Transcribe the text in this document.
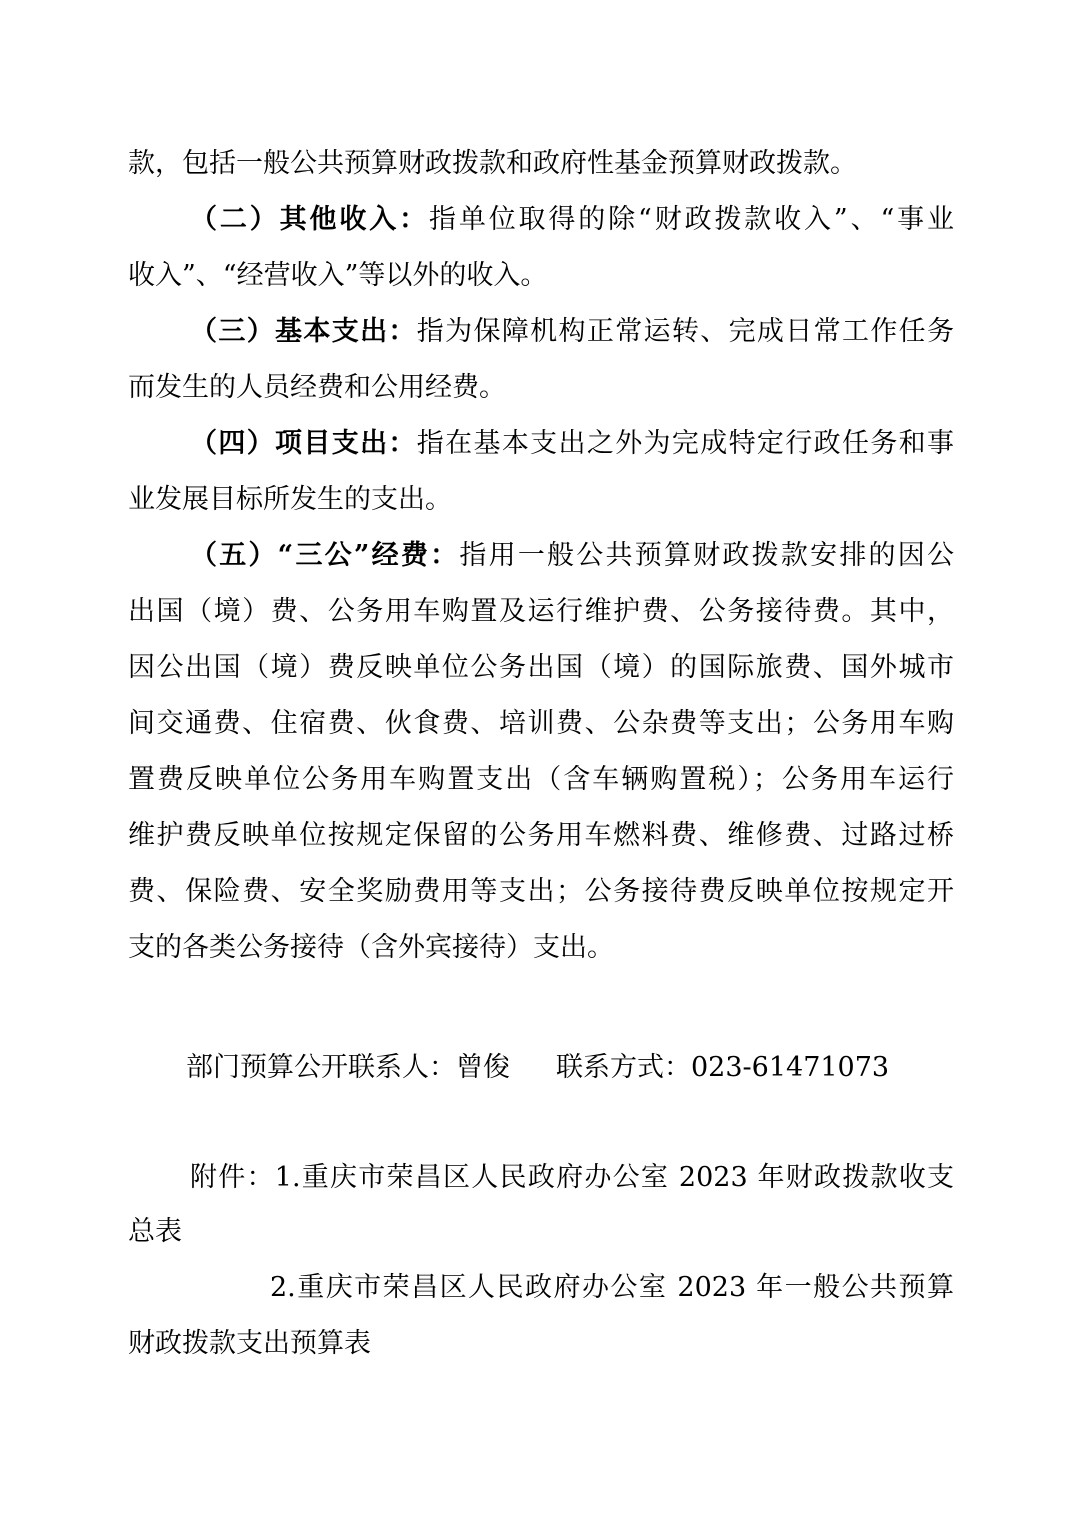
款，包括一般公共预算财政拨款和政府性基金预算财政拨款。
（二）其他收入：指单位取得的除“财政拨款收入”、“事业
收入”、“经营收入”等以外的收入。
（三）基本支出：指为保障机构正常运转、完成日常工作任务
而发生的人员经费和公用经费。
（四）项目支出：指在基本支出之外为完成特定行政任务和事
业发展目标所发生的支出。
（五）“三公”经费：指用一般公共预算财政拨款安排的因公
出国（境）费、公务用车购置及运行维护费、公务接待费。其中，
因公出国（境）费反映单位公务出国（境）的国际旅费、国外城市
间交通费、住宿费、伙食费、培训费、公杂费等支出；公务用车购
置费反映单位公务用车购置支出（含车辆购置税）；公务用车运行
维护费反映单位按规定保留的公务用车燃料费、维修费、过路过桥
费、保险费、安全奖励费用等支出；公务接待费反映单位按规定开
支的各类公务接待（含外宾接待）支出。
部门预算公开联系人：曾俊 联系方式：023-61471073
附件：1.重庆市荣昌区人民政府办公室 2023 年财政拨款收支
总表
2.重庆市荣昌区人民政府办公室 2023 年一般公共预算
财政拨款支出预算表
